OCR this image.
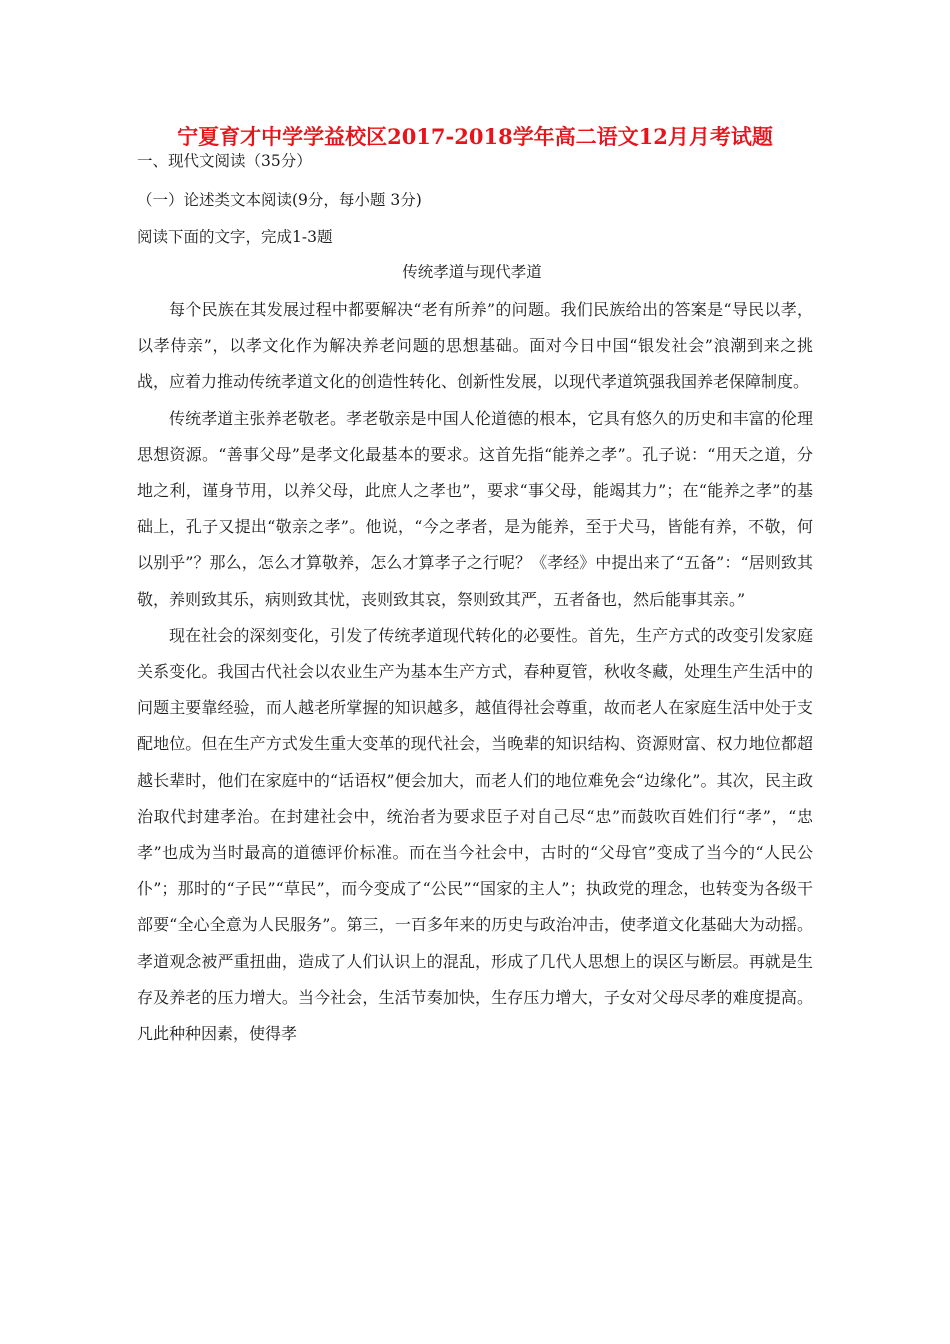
宁夏育才中学学益校区2017-2018学年高二语文12月月考试题
一、现代文阅读（35分）
（一）论述类文本阅读(9分，每小题 3分)
阅读下面的文字，完成1-3题
传统孝道与现代孝道

每个民族在其发展过程中都要解决“老有所养”的问题。我们民族给出的答案是“导民以孝，以孝侍亲”，以孝文化作为解决养老问题的思想基础。面对今日中国“银发社会”浪潮到来之挑战，应着力推动传统孝道文化的创造性转化、创新性发展，以现代孝道筑强我国养老保障制度。

传统孝道主张养老敬老。孝老敬亲是中国人伦道德的根本，它具有悠久的历史和丰富的伦理思想资源。“善事父母”是孝文化最基本的要求。这首先指“能养之孝”。孔子说：“用天之道，分地之利，谨身节用，以养父母，此庶人之孝也”，要求“事父母，能竭其力”；在“能养之孝”的基础上，孔子又提出“敬亲之孝”。他说，“今之孝者，是为能养，至于犬马，皆能有养，不敬，何以别乎”？那么，怎么才算敬养，怎么才算孝子之行呢？《孝经》中提出来了“五备”：“居则致其敬，养则致其乐，病则致其忧，丧则致其哀，祭则致其严，五者备也，然后能事其亲。”

现在社会的深刻变化，引发了传统孝道现代转化的必要性。首先，生产方式的改变引发家庭关系变化。我国古代社会以农业生产为基本生产方式，春种夏管，秋收冬藏，处理生产生活中的问题主要靠经验，而人越老所掌握的知识越多，越值得社会尊重，故而老人在家庭生活中处于支配地位。但在生产方式发生重大变革的现代社会，当晚辈的知识结构、资源财富、权力地位都超越长辈时，他们在家庭中的“话语权”便会加大，而老人们的地位难免会“边缘化”。其次，民主政治取代封建孝治。在封建社会中，统治者为要求臣子对自己尽“忠”而鼓吹百姓们行“孝”，“忠孝”也成为当时最高的道德评价标准。而在当今社会中，古时的“父母官”变成了当今的“人民公仆”；那时的“子民”“草民”，而今变成了“公民”“国家的主人”；执政党的理念，也转变为各级干部要“全心全意为人民服务”。第三，一百多年来的历史与政治冲击，使孝道文化基础大为动摇。孝道观念被严重扭曲，造成了人们认识上的混乱，形成了几代人思想上的误区与断层。再就是生存及养老的压力增大。当今社会，生活节奏加快，生存压力增大，子女对父母尽孝的难度提高。凡此种种因素，使得孝
